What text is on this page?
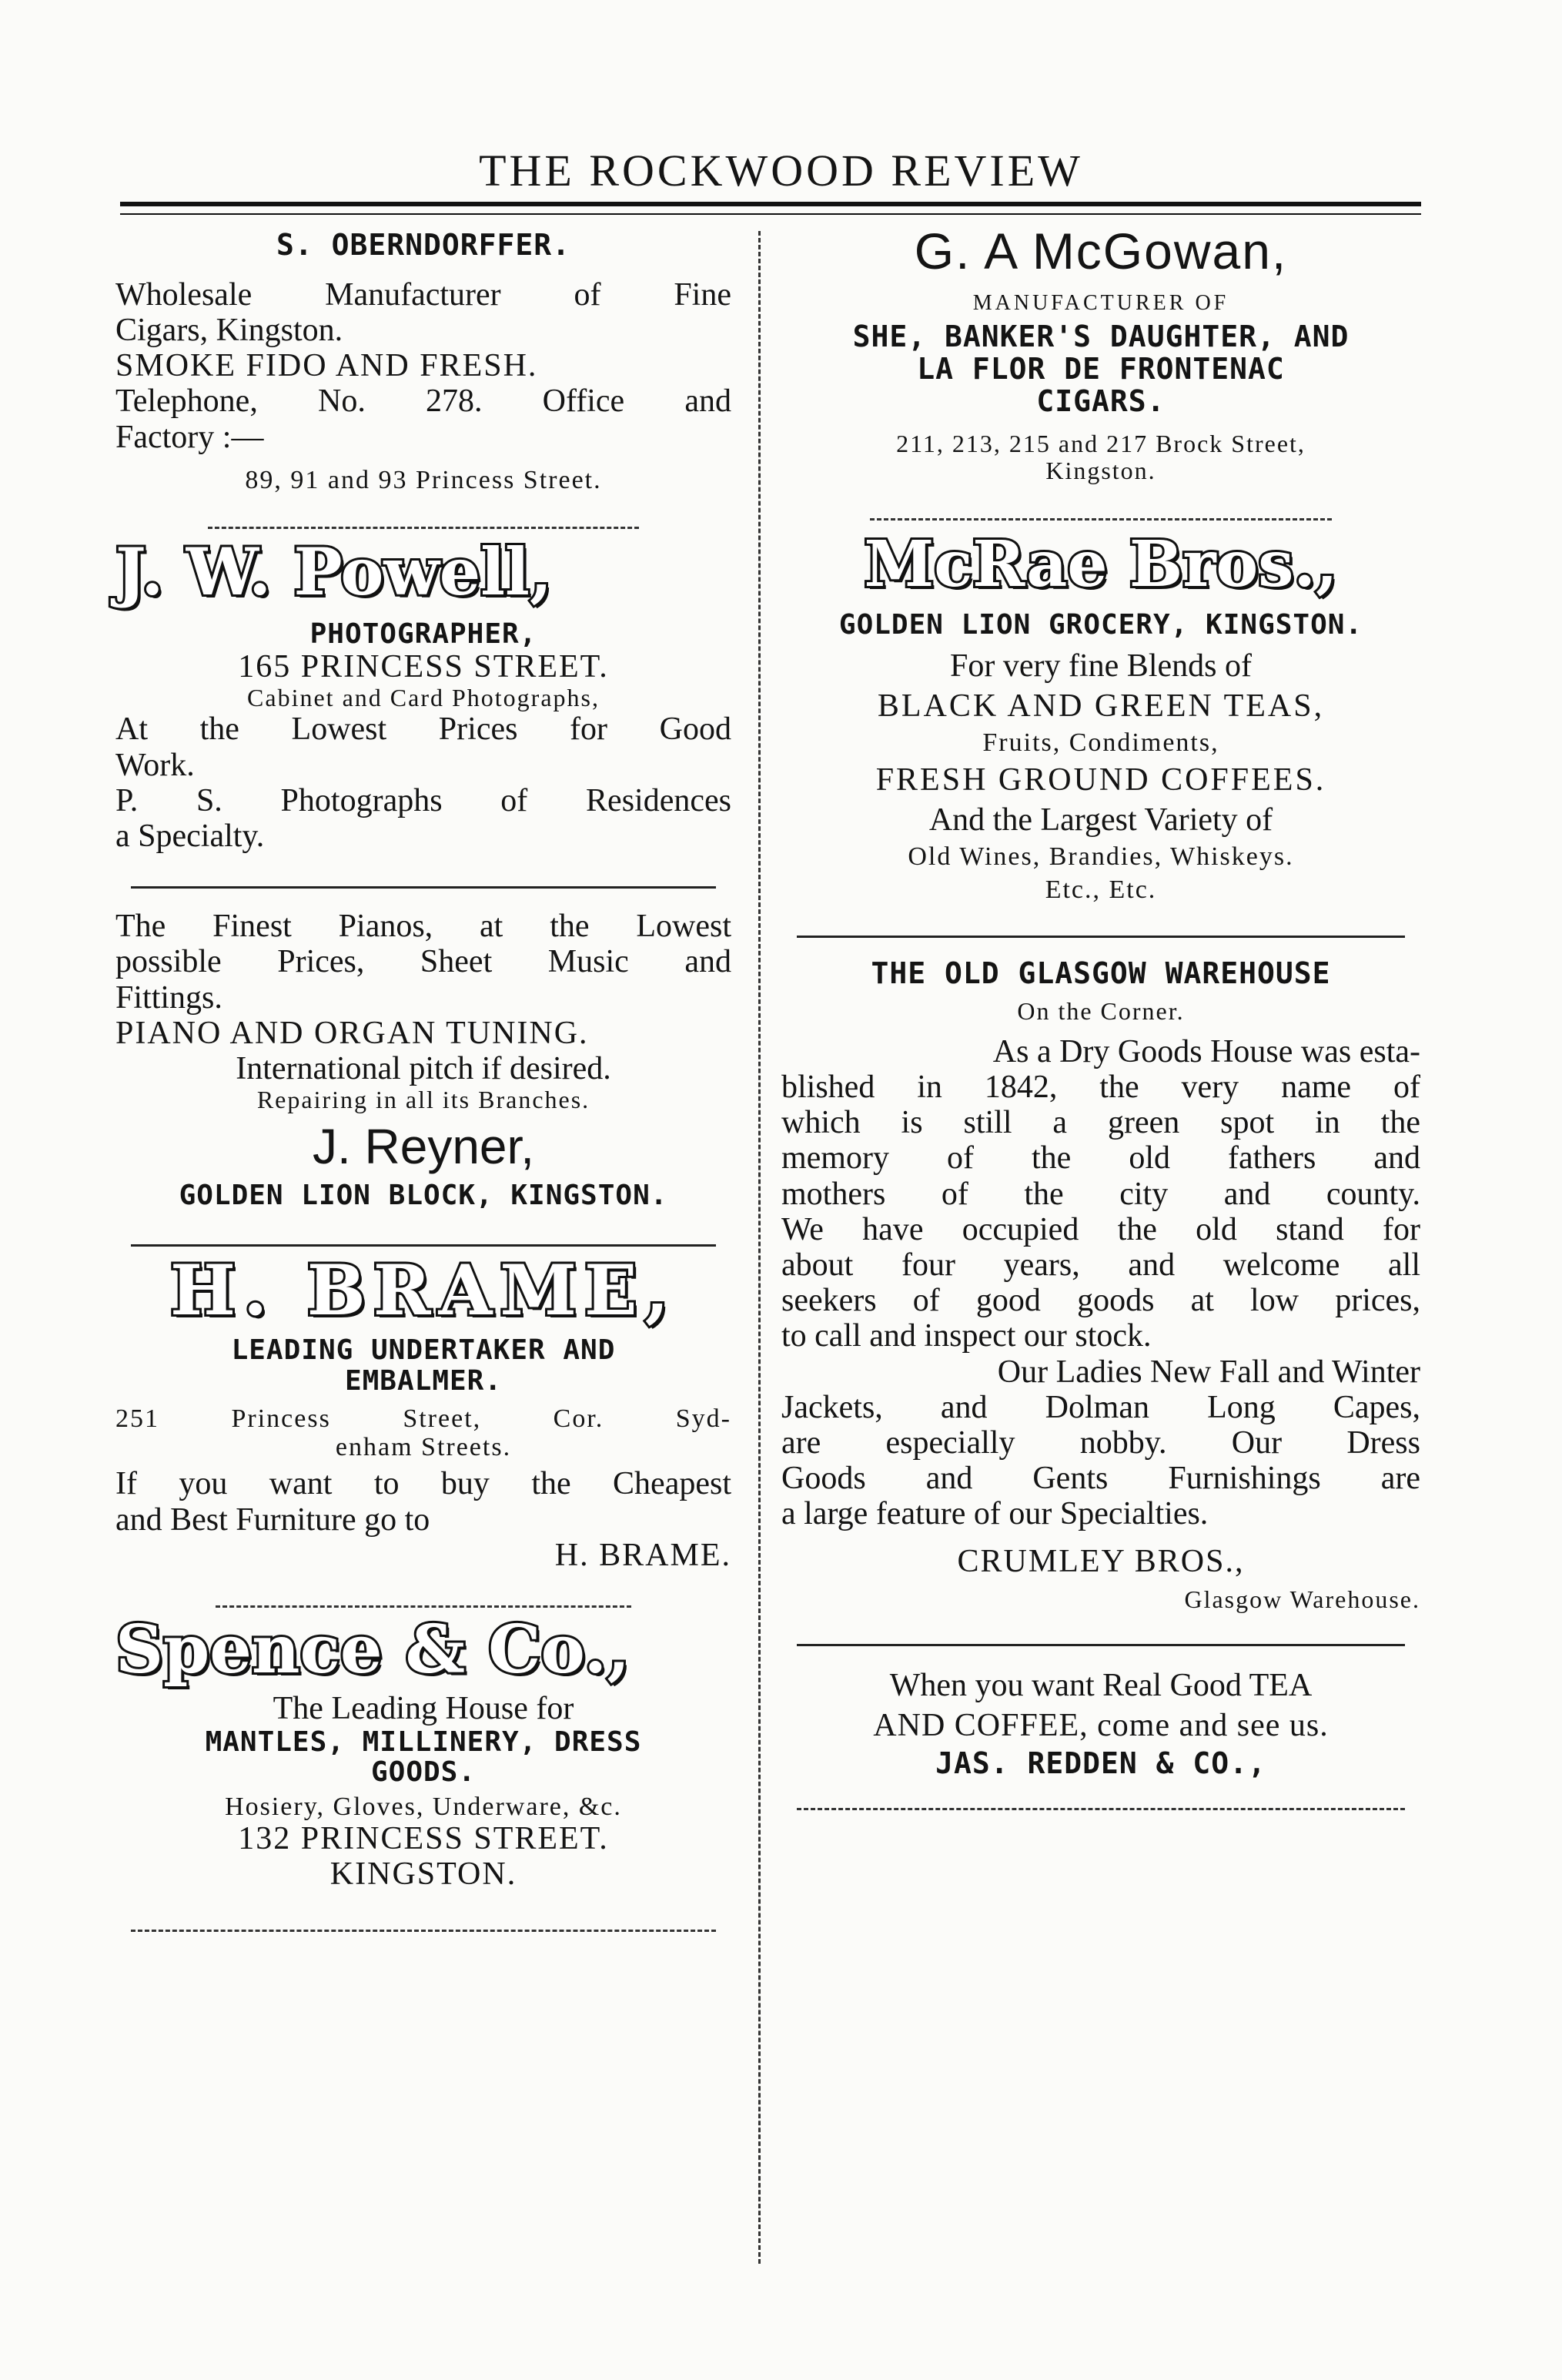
THE ROCKWOOD REVIEW

S. OBERNDORFFER.

Wholesale Manufacturer of Fine

Cigars, Kingston.

SMOKE FIDO AND FRESH.

Telephone, No. 278. Office and

Factory :—

89, 91 and 93 Princess Street.

J. W. Powell,

PHOTOGRAPHER,

165 PRINCESS STREET.

Cabinet and Card Photographs,

At the Lowest Prices for Good

Work.

P. S. Photographs of Residences

a Specialty.

The Finest Pianos, at the Lowest

possible Prices, Sheet Music and

Fittings.

PIANO AND ORGAN TUNING.

International pitch if desired.

Repairing in all its Branches.

J. Reyner,

GOLDEN LION BLOCK, KINGSTON.

H. BRAME,

LEADING UNDERTAKER AND

EMBALMER.

251 Princess Street, Cor. Syd-

enham Streets.

If you want to buy the Cheapest

and Best Furniture go to

H. BRAME.

Spence & Co.,

The Leading House for

MANTLES, MILLINERY, DRESS

GOODS.

Hosiery, Gloves, Underware, &c.

132 PRINCESS STREET.

KINGSTON.

G. A McGowan,

MANUFACTURER OF

SHE, BANKER'S DAUGHTER, AND

LA FLOR DE FRONTENAC

CIGARS.

211, 213, 215 and 217 Brock Street,

Kingston.

McRae Bros.,

GOLDEN LION GROCERY, KINGSTON.

For very fine Blends of

BLACK AND GREEN TEAS,

Fruits, Condiments,

FRESH GROUND COFFEES.

And the Largest Variety of

Old Wines, Brandies, Whiskeys.

Etc., Etc.

THE OLD GLASGOW WAREHOUSE

On the Corner.

As a Dry Goods House was esta-

blished in 1842, the very name of

which is still a green spot in the

memory of the old fathers and

mothers of the city and county.

We have occupied the old stand for

about four years, and welcome all

seekers of good goods at low prices,

to call and inspect our stock.

Our Ladies New Fall and Winter

Jackets, and Dolman Long Capes,

are especially nobby. Our Dress

Goods and Gents Furnishings are

a large feature of our Specialties.

CRUMLEY BROS.,

Glasgow Warehouse.

When you want Real Good TEA

AND COFFEE, come and see us.

JAS. REDDEN & CO.,
